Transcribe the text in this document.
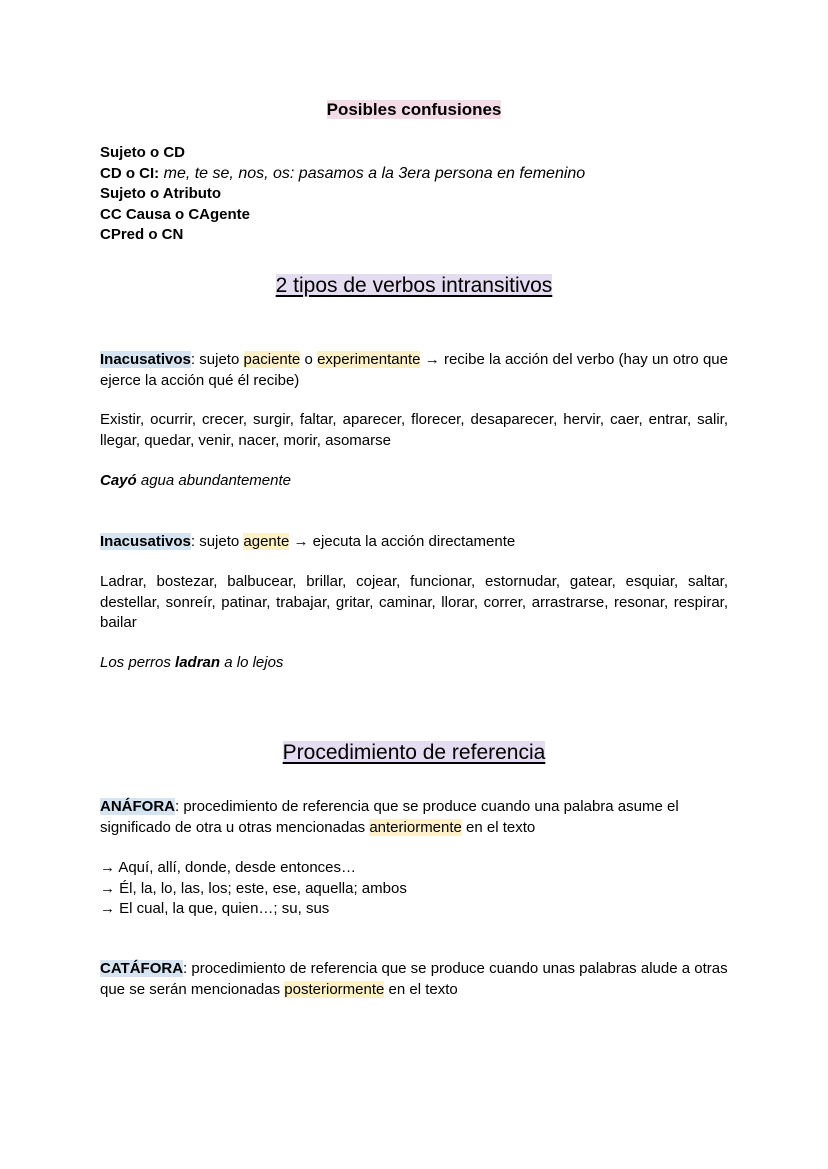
Posibles confusiones
Sujeto o CD
CD o CI: me, te se, nos, os: pasamos a la 3era persona en femenino
Sujeto o Atributo
CC Causa o CAgente
CPred o CN
2 tipos de verbos intransitivos
Inacusativos: sujeto paciente o experimentante → recibe la acción del verbo (hay un otro que ejerce la acción qué él recibe)
Existir, ocurrir, crecer, surgir, faltar, aparecer, florecer, desaparecer, hervir, caer, entrar, salir, llegar, quedar, venir, nacer, morir, asomarse
Cayó agua abundantemente
Inacusativos: sujeto agente → ejecuta la acción directamente
Ladrar, bostezar, balbucear, brillar, cojear, funcionar, estornudar, gatear, esquiar, saltar, destellar, sonreír, patinar, trabajar, gritar, caminar, llorar, correr, arrastrarse, resonar, respirar, bailar
Los perros ladran a lo lejos
Procedimiento de referencia
ANÁFORA: procedimiento de referencia que se produce cuando una palabra asume el significado de otra u otras mencionadas anteriormente en el texto
→ Aquí, allí, donde, desde entonces…
→ Él, la, lo, las, los; este, ese, aquella; ambos
→ El cual, la que, quien…; su, sus
CATÁFORA: procedimiento de referencia que se produce cuando unas palabras alude a otras que se serán mencionadas posteriormente en el texto
